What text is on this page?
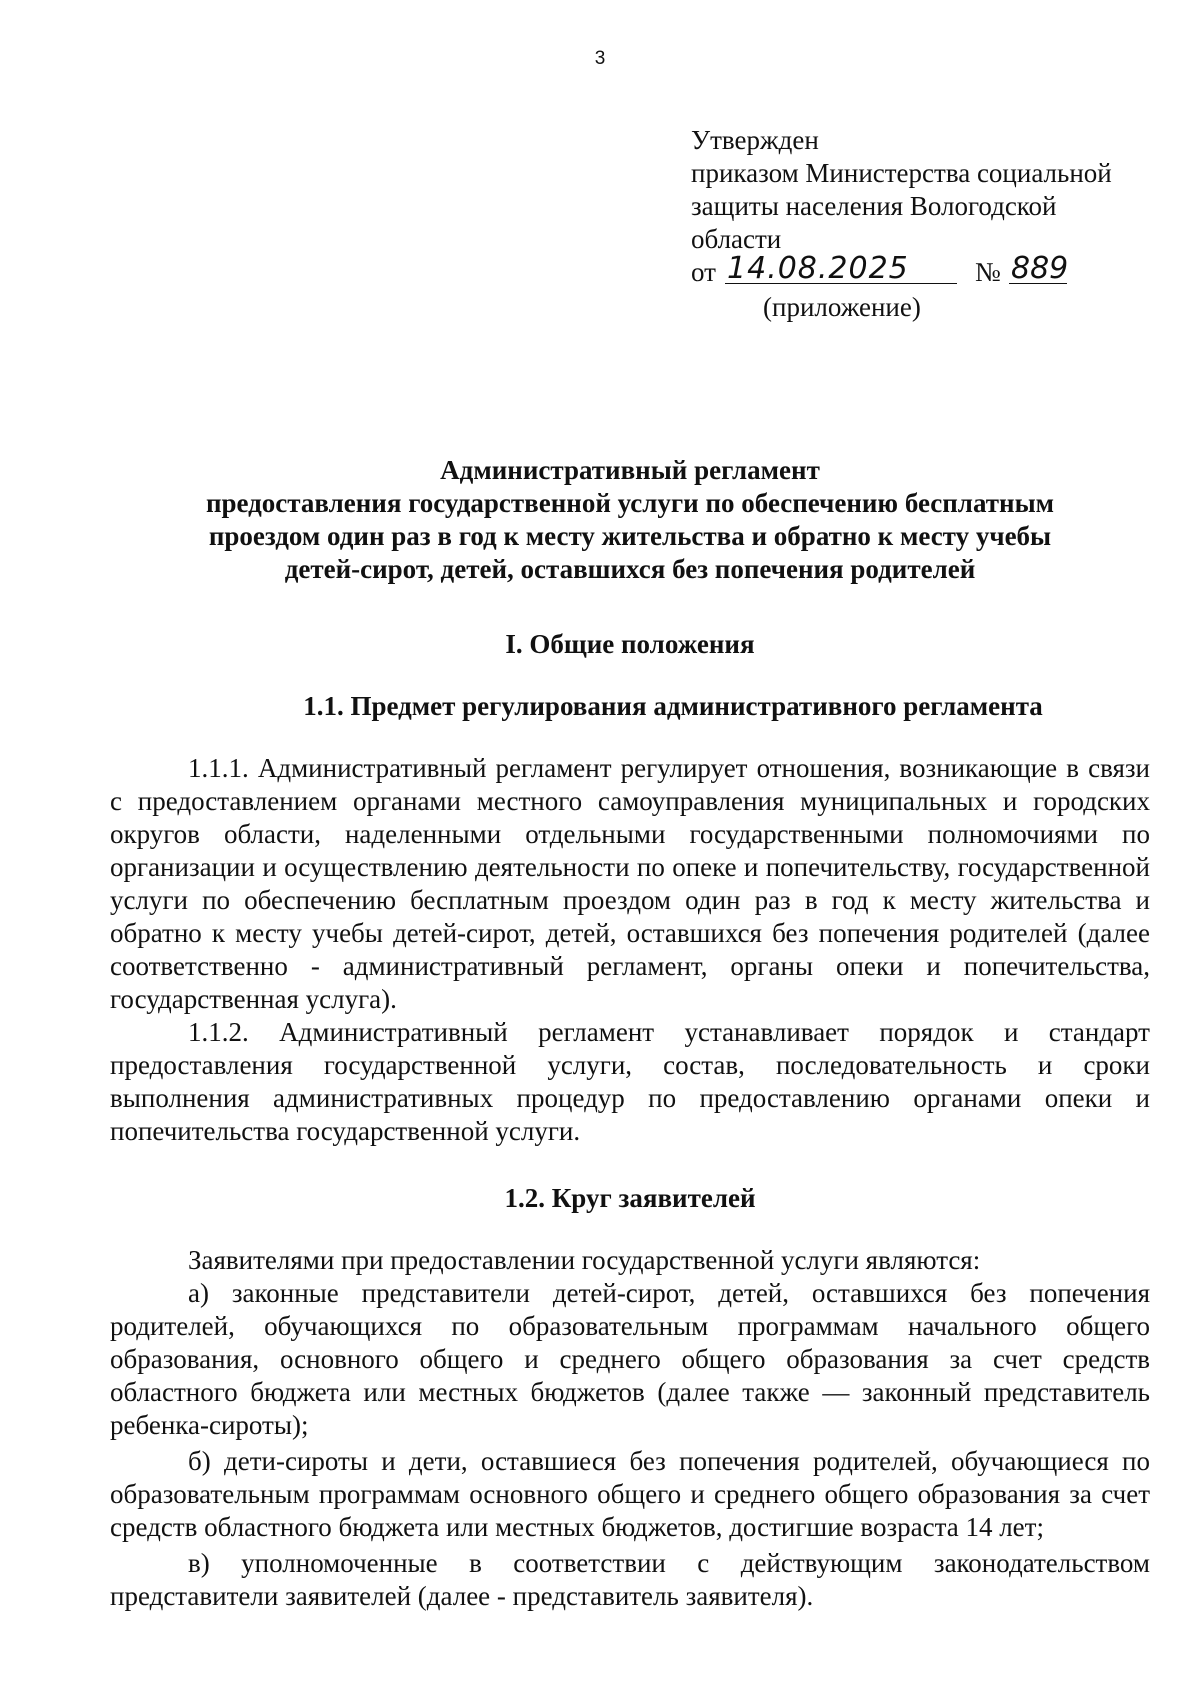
3
Утвержден
приказом Министерства социальной
защиты населения Вологодской
области
от 14.08.2025 № 889
(приложение)
Административный регламент
предоставления государственной услуги по обеспечению бесплатным
проездом один раз в год к месту жительства и обратно к месту учебы
детей-сирот, детей, оставшихся без попечения родителей
I. Общие положения
1.1. Предмет регулирования административного регламента

1.1.1. Административный регламент регулирует отношения, возникающие в связи с предоставлением органами местного самоуправления муниципальных и городских округов области, наделенными отдельными государственными полномочиями по организации и осуществлению деятельности по опеке и попечительству, государственной услуги по обеспечению бесплатным проездом один раз в год к месту жительства и обратно к месту учебы детей-сирот, детей, оставшихся без попечения родителей (далее соответственно - административный регламент, органы опеки и попечительства, государственная услуга).

1.1.2. Административный регламент устанавливает порядок и стандарт предоставления государственной услуги, состав, последовательность и сроки выполнения административных процедур по предоставлению органами опеки и попечительства государственной услуги.

1.2. Круг заявителей

Заявителями при предоставлении государственной услуги являются:

а) законные представители детей-сирот, детей, оставшихся без попечения родителей, обучающихся по образовательным программам начального общего образования, основного общего и среднего общего образования за счет средств областного бюджета или местных бюджетов (далее также — законный представитель ребенка-сироты);

б) дети-сироты и дети, оставшиеся без попечения родителей, обучающиеся по образовательным программам основного общего и среднего общего образования за счет средств областного бюджета или местных бюджетов, достигшие возраста 14 лет;

в) уполномоченные в соответствии с действующим законодательством представители заявителей (далее - представитель заявителя).
